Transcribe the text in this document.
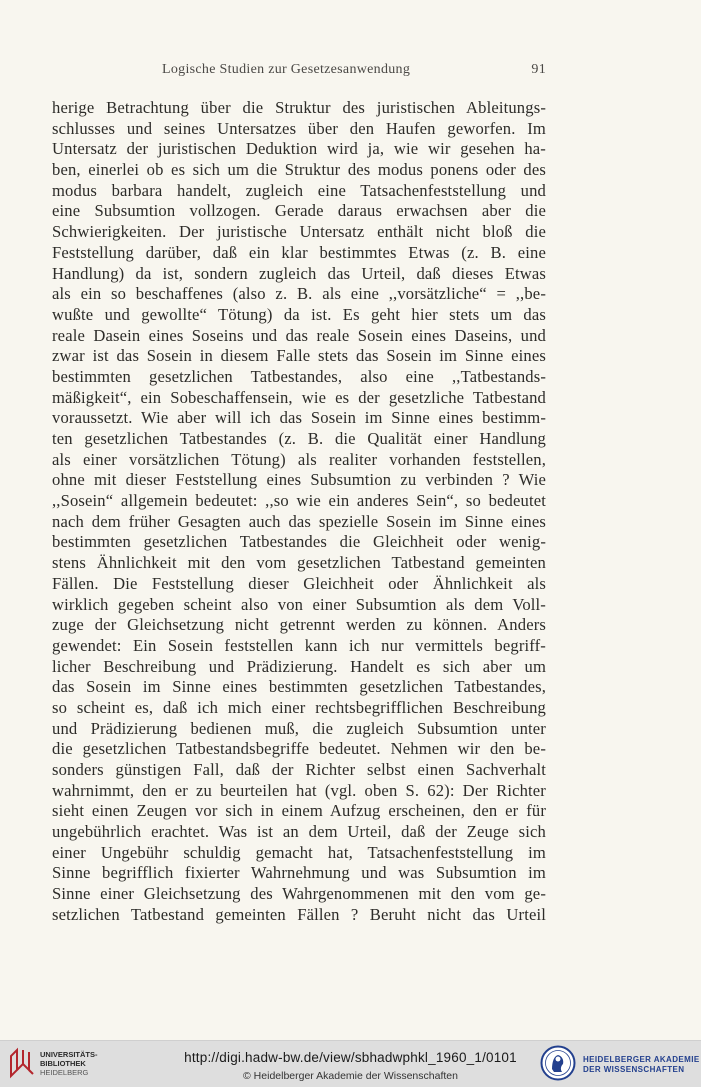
Logische Studien zur Gesetzesanwendung	91
herige Betrachtung über die Struktur des juristischen Ableitungs-
schlusses und seines Untersatzes über den Haufen geworfen. Im
Untersatz der juristischen Deduktion wird ja, wie wir gesehen ha-
ben, einerlei ob es sich um die Struktur des modus ponens oder des
modus barbara handelt, zugleich eine Tatsachenfeststellung und
eine Subsumtion vollzogen. Gerade daraus erwachsen aber die
Schwierigkeiten. Der juristische Untersatz enthält nicht bloß die
Feststellung darüber, daß ein klar bestimmtes Etwas (z. B. eine
Handlung) da ist, sondern zugleich das Urteil, daß dieses Etwas
als ein so beschaffenes (also z. B. als eine ,,vorsätzliche“ = ,,be-
wußte und gewollte“ Tötung) da ist. Es geht hier stets um das
reale Dasein eines Soseins und das reale Sosein eines Daseins, und
zwar ist das Sosein in diesem Falle stets das Sosein im Sinne eines
bestimmten gesetzlichen Tatbestandes, also eine ,,Tatbestands-
mäßigkeit“, ein Sobeschaffensein, wie es der gesetzliche Tatbestand
voraussetzt. Wie aber will ich das Sosein im Sinne eines bestimm-
ten gesetzlichen Tatbestandes (z. B. die Qualität einer Handlung
als einer vorsätzlichen Tötung) als realiter vorhanden feststellen,
ohne mit dieser Feststellung eines Subsumtion zu verbinden ? Wie
,,Sosein“ allgemein bedeutet: ,,so wie ein anderes Sein“, so bedeutet
nach dem früher Gesagten auch das spezielle Sosein im Sinne eines
bestimmten gesetzlichen Tatbestandes die Gleichheit oder wenig-
stens Ähnlichkeit mit den vom gesetzlichen Tatbestand gemeinten
Fällen. Die Feststellung dieser Gleichheit oder Ähnlichkeit als
wirklich gegeben scheint also von einer Subsumtion als dem Voll-
zuge der Gleichsetzung nicht getrennt werden zu können. Anders
gewendet: Ein Sosein feststellen kann ich nur vermittels begriff-
licher Beschreibung und Prädizierung. Handelt es sich aber um
das Sosein im Sinne eines bestimmten gesetzlichen Tatbestandes,
so scheint es, daß ich mich einer rechtsbegrifflichen Beschreibung
und Prädizierung bedienen muß, die zugleich Subsumtion unter
die gesetzlichen Tatbestandsbegriffe bedeutet. Nehmen wir den be-
sonders günstigen Fall, daß der Richter selbst einen Sachverhalt
wahrnimmt, den er zu beurteilen hat (vgl. oben S. 62): Der Richter
sieht einen Zeugen vor sich in einem Aufzug erscheinen, den er für
ungebührlich erachtet. Was ist an dem Urteil, daß der Zeuge sich
einer Ungebühr schuldig gemacht hat, Tatsachenfeststellung im
Sinne begrifflich fixierter Wahrnehmung und was Subsumtion im
Sinne einer Gleichsetzung des Wahrgenommenen mit den vom ge-
setzlichen Tatbestand gemeinten Fällen ? Beruht nicht das Urteil
UNIVERSITÄTS-
BIBLIOTHEK
HEIDELBERG
http://digi.hadw-bw.de/view/sbhadwphkl_1960_1/0101
© Heidelberger Akademie der Wissenschaften
HEIDELBERGER AKADEMIE
DER WISSENSCHAFTEN
